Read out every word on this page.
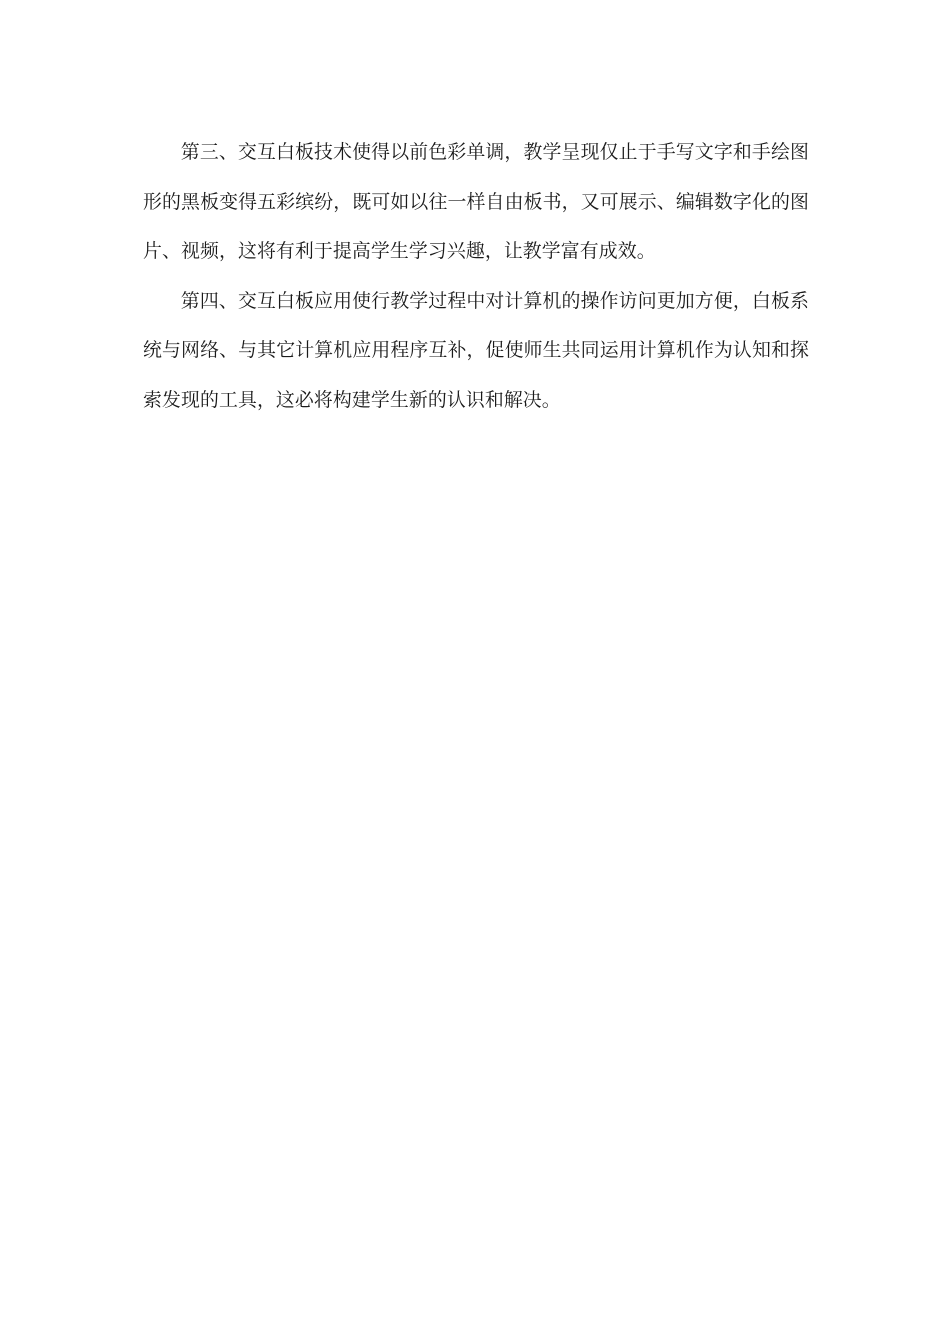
第三、交互白板技术使得以前色彩单调，教学呈现仅止于手写文字和手绘图形的黑板变得五彩缤纷，既可如以往一样自由板书，又可展示、编辑数字化的图片、视频，这将有利于提高学生学习兴趣，让教学富有成效。

第四、交互白板应用使行教学过程中对计算机的操作访问更加方便，白板系统与网络、与其它计算机应用程序互补，促使师生共同运用计算机作为认知和探索发现的工具，这必将构建学生新的认识和解决。
